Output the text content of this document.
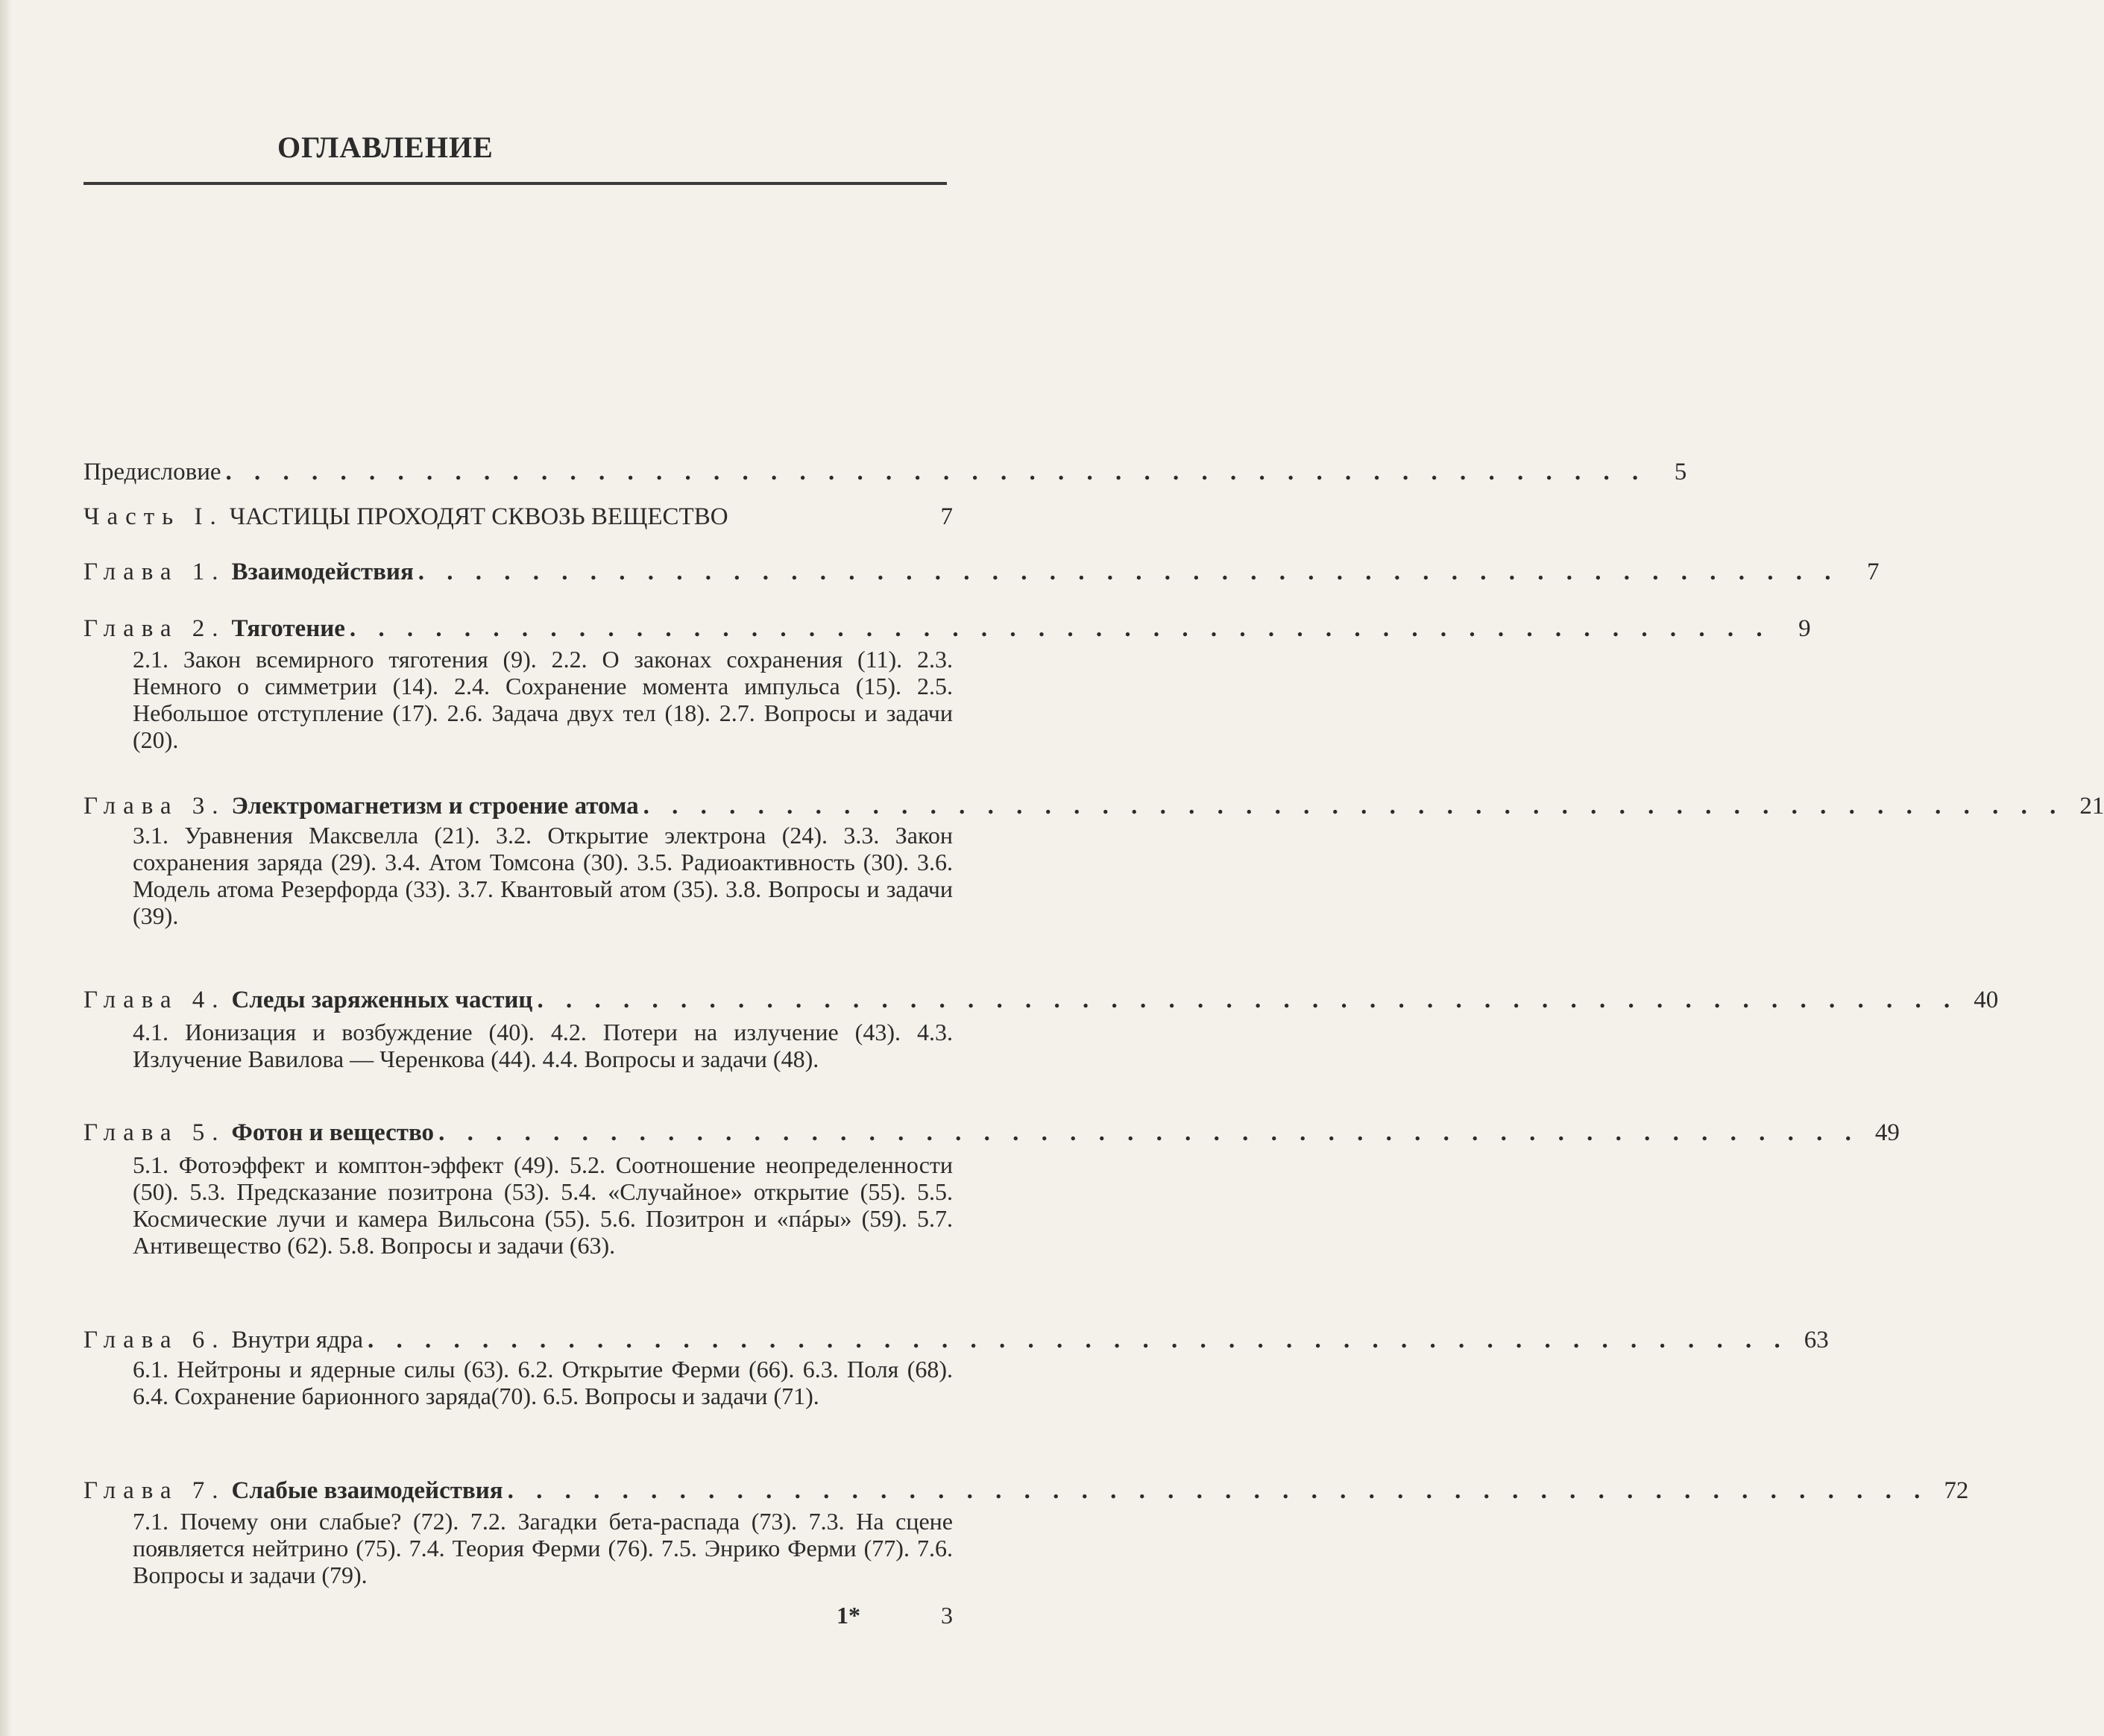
ОГЛАВЛЕНИЕ
Предисловие . . . . . . . . . . . . . . . . . . . . . . . . . . . . . . . . . . . . . . . . . . . . . . . . . .	5
Часть I. ЧАСТИЦЫ ПРОХОДЯТ СКВОЗЬ ВЕЩЕСТВО	7
Глава 1. Взаимодействия . . . . . . . . . . . . . . . . . . . . . . . . . . . . . . . . . . . . . . . . . . . . . . . . . .	7
Глава 2. Тяготение . . . . . . . . . . . . . . . . . . . . . . . . . . . . . . . . . . . . . . . . . . . . . . . . . .	9

2.1. Закон всемирного тяготения (9). 2.2. О законах сохранения (11). 2.3. Немного о симметрии (14). 2.4. Сохранение момента импульса (15). 2.5. Небольшое отступление (17). 2.6. Задача двух тел (18). 2.7. Вопросы и задачи (20).

Глава 3. Электромагнетизм и строение атома . . . . . . . . . . . . . . . . . . . . . . . . . . . . . . . . . . . . . . . . . . . . . . . . . . 21

3.1. Уравнения Максвелла (21). 3.2. Открытие электрона (24). 3.3. Закон сохранения заряда (29). 3.4. Атом Томсона (30). 3.5. Радиоактивность (30). 3.6. Модель атома Резерфорда (33). 3.7. Квантовый атом (35). 3.8. Вопросы и задачи (39).

Глава 4. Следы заряженных частиц . . . . . . . . . . . . . . . . . . . . . . . . . . . . . . . . . . . . . . . . . . . . . . . . . . 40

4.1. Ионизация и возбуждение (40). 4.2. Потери на излучение (43). 4.3. Излучение Вавилова — Черенкова (44). 4.4. Вопросы и задачи (48).

Глава 5. Фотон и вещество . . . . . . . . . . . . . . . . . . . . . . . . . . . . . . . . . . . . . . . . . . . . . . . . . . 49

5.1. Фотоэффект и комптон-эффект (49). 5.2. Соотношение неопределенности (50). 5.3. Предсказание позитрона (53). 5.4. «Случайное» открытие (55). 5.5. Космические лучи и камера Вильсона (55). 5.6. Позитрон и «пáры» (59). 5.7. Антивещество (62). 5.8. Вопросы и задачи (63).

Глава 6. Внутри ядра . . . . . . . . . . . . . . . . . . . . . . . . . . . . . . . . . . . . . . . . . . . . . . . . . . 63

6.1. Нейтроны и ядерные силы (63). 6.2. Открытие Ферми (66). 6.3. Поля (68). 6.4. Сохранение барионного заряда(70). 6.5. Вопросы и задачи (71).

Глава 7. Слабые взаимодействия . . . . . . . . . . . . . . . . . . . . . . . . . . . . . . . . . . . . . . . . . . . . . . . . . . 72

7.1. Почему они слабые? (72). 7.2. Загадки бета-распада (73). 7.3. На сцене появляется нейтрино (75). 7.4. Теория Ферми (76). 7.5. Энрико Ферми (77). 7.6. Вопросы и задачи (79).

1*	3
